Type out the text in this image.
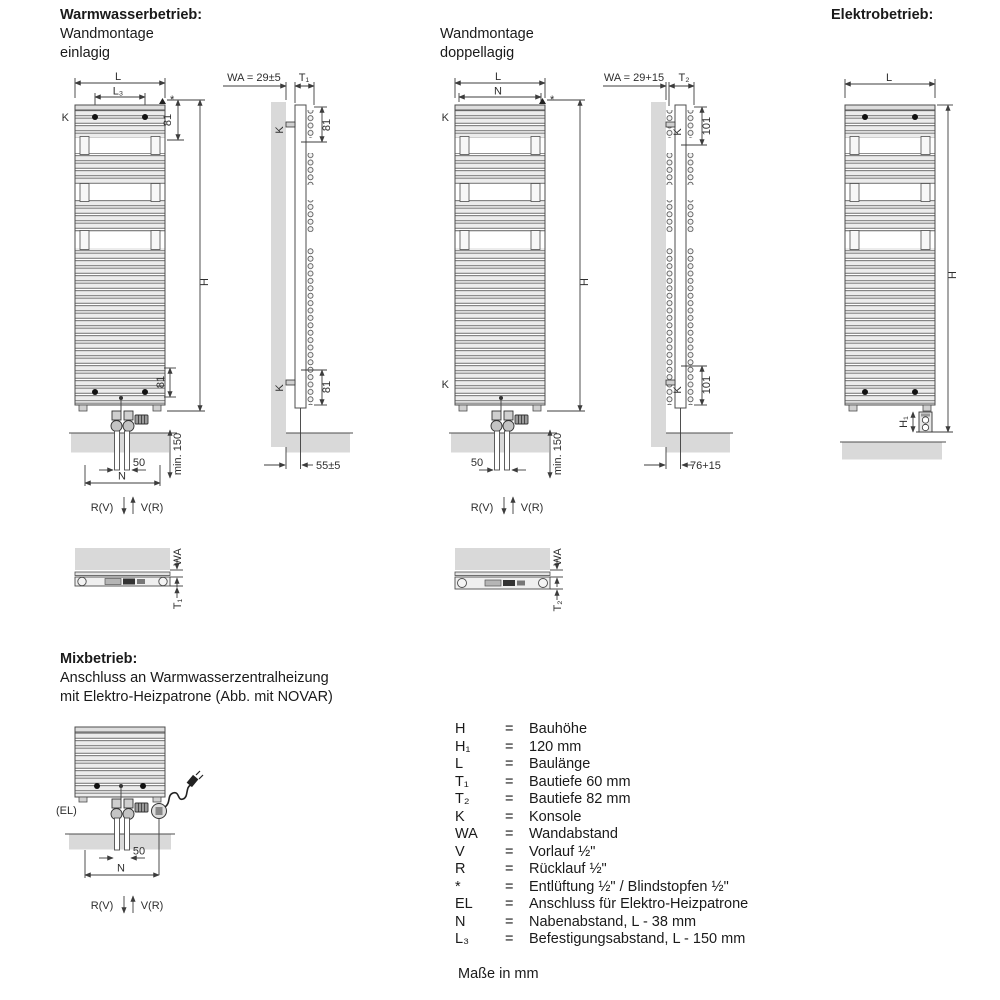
Warmwasserbetrieb:
Wandmontage
einlagig
Wandmontage
doppellagig
Elektrobetrieb:
Mixbetrieb:
Anschluss an Warmwasserzentralheizung
mit Elektro-Heizpatrone (Abb. mit NOVAR)
L
L₃
*
K	81
H
81
50
N
min. 150
R(V) V(R)
WA = 29±5 T₁
K
K
81
81
55±5
WA
T₁
L
N
*
K
K
H
50	min. 150
R(V) V(R)
WA = 29+15 T₂
K
K
101
101
76+15
WA
T₂
L
H
H₁
(EL)
50
N
R(V) V(R)
H	=	Bauhöhe
H₁	=	120 mm
L	=	Baulänge
T₁	=	Bautiefe 60 mm
T₂	=	Bautiefe 82 mm
K	=	Konsole
WA	=	Wandabstand
V	=	Vorlauf ½"
R	=	Rücklauf ½"
*	=	Entlüftung ½" / Blindstopfen ½"
EL	=	Anschluss für Elektro-Heizpatrone
N	=	Nabenabstand, L - 38 mm
L₃	=	Befestigungsabstand, L - 150 mm
Maße in mm
